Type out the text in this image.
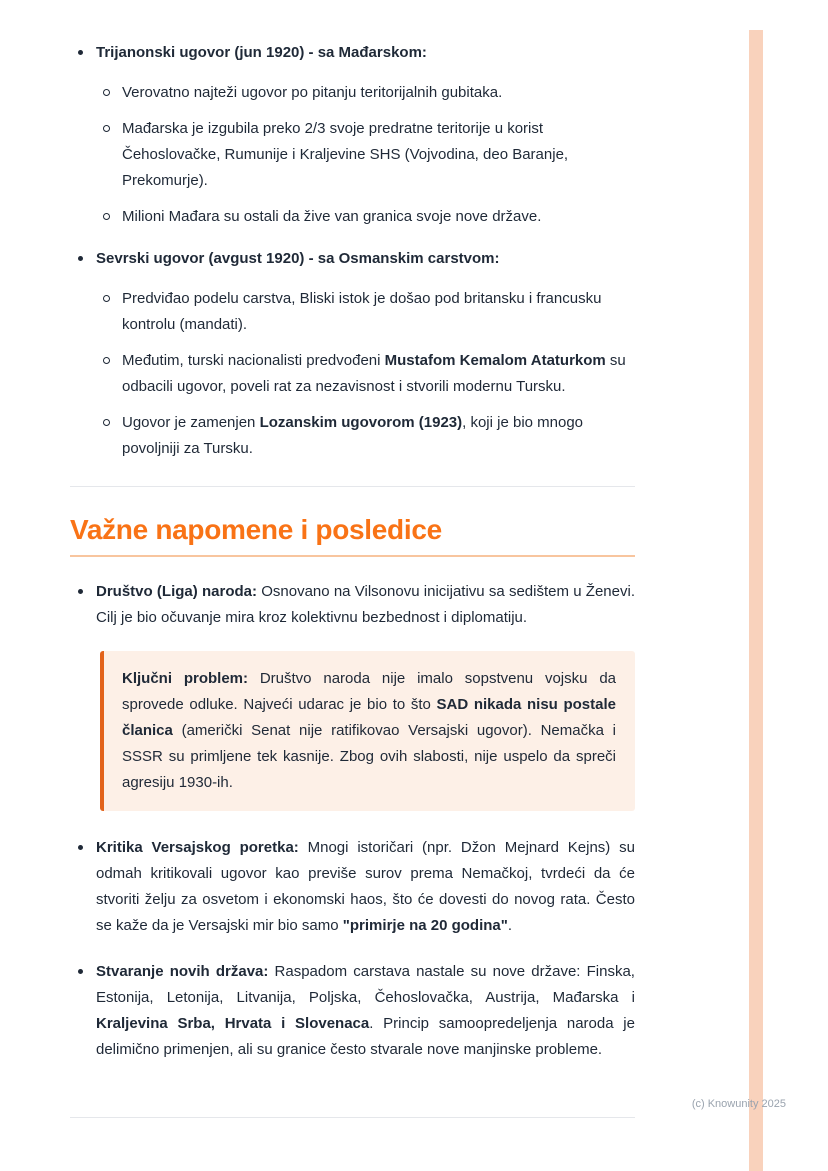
Trijanonski ugovor (jun 1920) - sa Mađarskom:

Verovatno najteži ugovor po pitanju teritorijalnih gubitaka.

Mađarska je izgubila preko 2/3 svoje predratne teritorije u korist Čehoslovačke, Rumunije i Kraljevine SHS (Vojvodina, deo Baranje, Prekomurje).

Milioni Mađara su ostali da žive van granica svoje nove države.

Sevrski ugovor (avgust 1920) - sa Osmanskim carstvom:

Predviđao podelu carstva, Bliski istok je došao pod britansku i francusku kontrolu (mandati).

Međutim, turski nacionalisti predvođeni Mustafom Kemalom Ataturkom su odbacili ugovor, poveli rat za nezavisnost i stvorili modernu Tursku.

Ugovor je zamenjen Lozanskim ugovorom (1923), koji je bio mnogo povoljniji za Tursku.

Važne napomene i posledice

Društvo (Liga) naroda: Osnovano na Vilsonovu inicijativu sa sedištem u Ženevi. Cilj je bio očuvanje mira kroz kolektivnu bezbednost i diplomatiju.

Ključni problem: Društvo naroda nije imalo sopstvenu vojsku da sprovede odluke. Najveći udarac je bio to što SAD nikada nisu postale članica (američki Senat nije ratifikovao Versajski ugovor). Nemačka i SSSR su primljene tek kasnije. Zbog ovih slabosti, nije uspelo da spreči agresiju 1930-ih.

Kritika Versajskog poretka: Mnogi istoričari (npr. Džon Mejnard Kejns) su odmah kritikovali ugovor kao previše surov prema Nemačkoj, tvrdeći da će stvoriti želju za osvetom i ekonomski haos, što će dovesti do novog rata. Često se kaže da je Versajski mir bio samo "primirje na 20 godina".

Stvaranje novih država: Raspadom carstava nastale su nove države: Finska, Estonija, Letonija, Litvanija, Poljska, Čehoslovačka, Austrija, Mađarska i Kraljevina Srba, Hrvata i Slovenaca. Princip samoopredeljenja naroda je delimično primenjen, ali su granice često stvarale nove manjinske probleme.

(c) Knowunity 2025
